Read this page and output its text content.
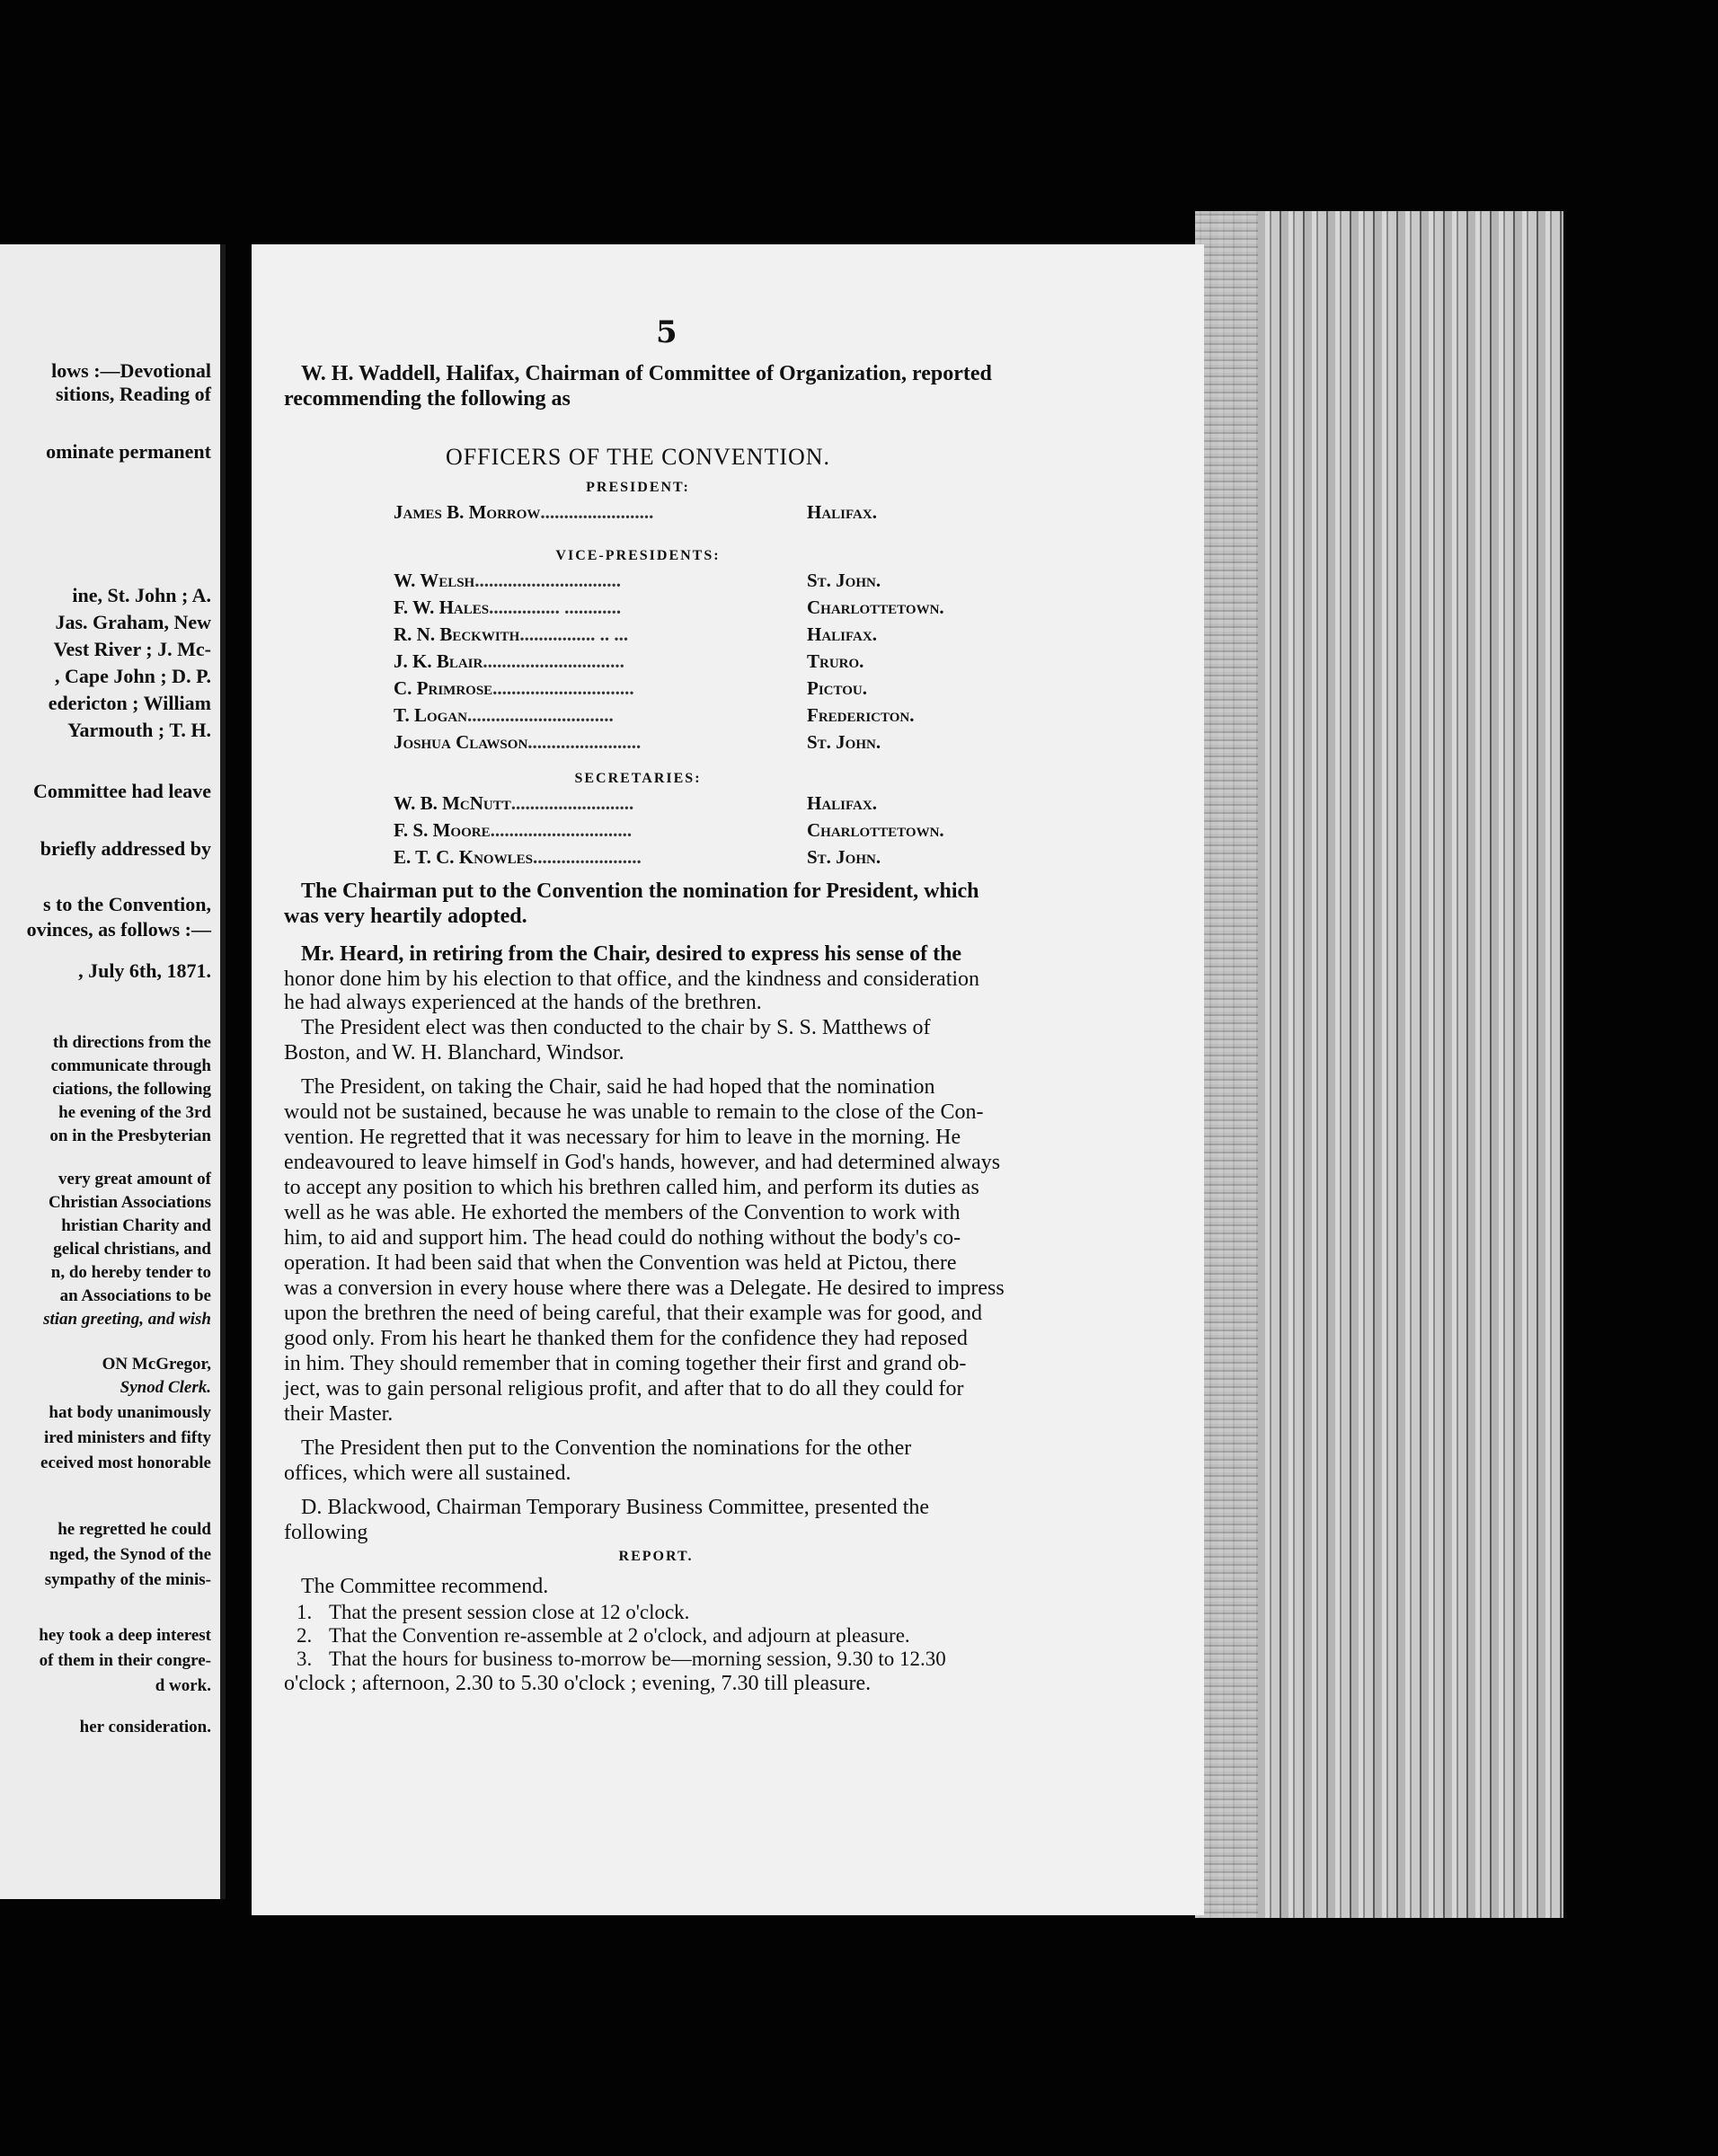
lows :—Devotional
sitions, Reading of
ominate permanent
ine, St. John ; A.
Jas. Graham, New
Vest River ; J. Mc-
, Cape John ; D. P.
edericton ; William
Yarmouth ; T. H.
Committee had leave
briefly addressed by
s to the Convention,
ovinces, as follows :—
, July 6th, 1871.
th directions from the
communicate through
ciations, the following
he evening of the 3rd
on in the Presbyterian
very great amount of
Christian Associations
hristian Charity and
gelical christians, and
n, do hereby tender to
an Associations to be
stian greeting, and wish
ON McGregor,
Synod Clerk.
hat body unanimously
ired ministers and fifty
eceived most honorable
he regretted he could
nged, the Synod of the
sympathy of the minis-
hey took a deep interest
of them in their congre-
d work.
her consideration.
5
W. H. Waddell, Halifax, Chairman of Committee of Organization, reported
recommending the following as
OFFICERS OF THE CONVENTION.
PRESIDENT:
James B. Morrow........................	Halifax.
VICE-PRESIDENTS:
W. Welsh...............................	St. John.
F. W. Hales............... ............	Charlottetown.
R. N. Beckwith................ .. ...	Halifax.
J. K. Blair..............................	Truro.
C. Primrose..............................	Pictou.
T. Logan...............................	Fredericton.
Joshua Clawson........................	St. John.
SECRETARIES:
W. B. McNutt..........................	Halifax.
F. S. Moore..............................	Charlottetown.
E. T. C. Knowles.......................	St. John.
The Chairman put to the Convention the nomination for President, which
was very heartily adopted.
Mr. Heard, in retiring from the Chair, desired to express his sense of the
honor done him by his election to that office, and the kindness and consideration
he had always experienced at the hands of the brethren.
The President elect was then conducted to the chair by S. S. Matthews of
Boston, and W. H. Blanchard, Windsor.
The President, on taking the Chair, said he had hoped that the nomination
would not be sustained, because he was unable to remain to the close of the Con-
vention. He regretted that it was necessary for him to leave in the morning. He
endeavoured to leave himself in God's hands, however, and had determined always
to accept any position to which his brethren called him, and perform its duties as
well as he was able. He exhorted the members of the Convention to work with
him, to aid and support him. The head could do nothing without the body's co-
operation. It had been said that when the Convention was held at Pictou, there
was a conversion in every house where there was a Delegate. He desired to impress
upon the brethren the need of being careful, that their example was for good, and
good only. From his heart he thanked them for the confidence they had reposed
in him. They should remember that in coming together their first and grand ob-
ject, was to gain personal religious profit, and after that to do all they could for
their Master.
The President then put to the Convention the nominations for the other
offices, which were all sustained.
D. Blackwood, Chairman Temporary Business Committee, presented the
following
REPORT.
The Committee recommend.
1. That the present session close at 12 o'clock.
2. That the Convention re-assemble at 2 o'clock, and adjourn at pleasure.
3. That the hours for business to-morrow be—morning session, 9.30 to 12.30
o'clock ; afternoon, 2.30 to 5.30 o'clock ; evening, 7.30 till pleasure.
